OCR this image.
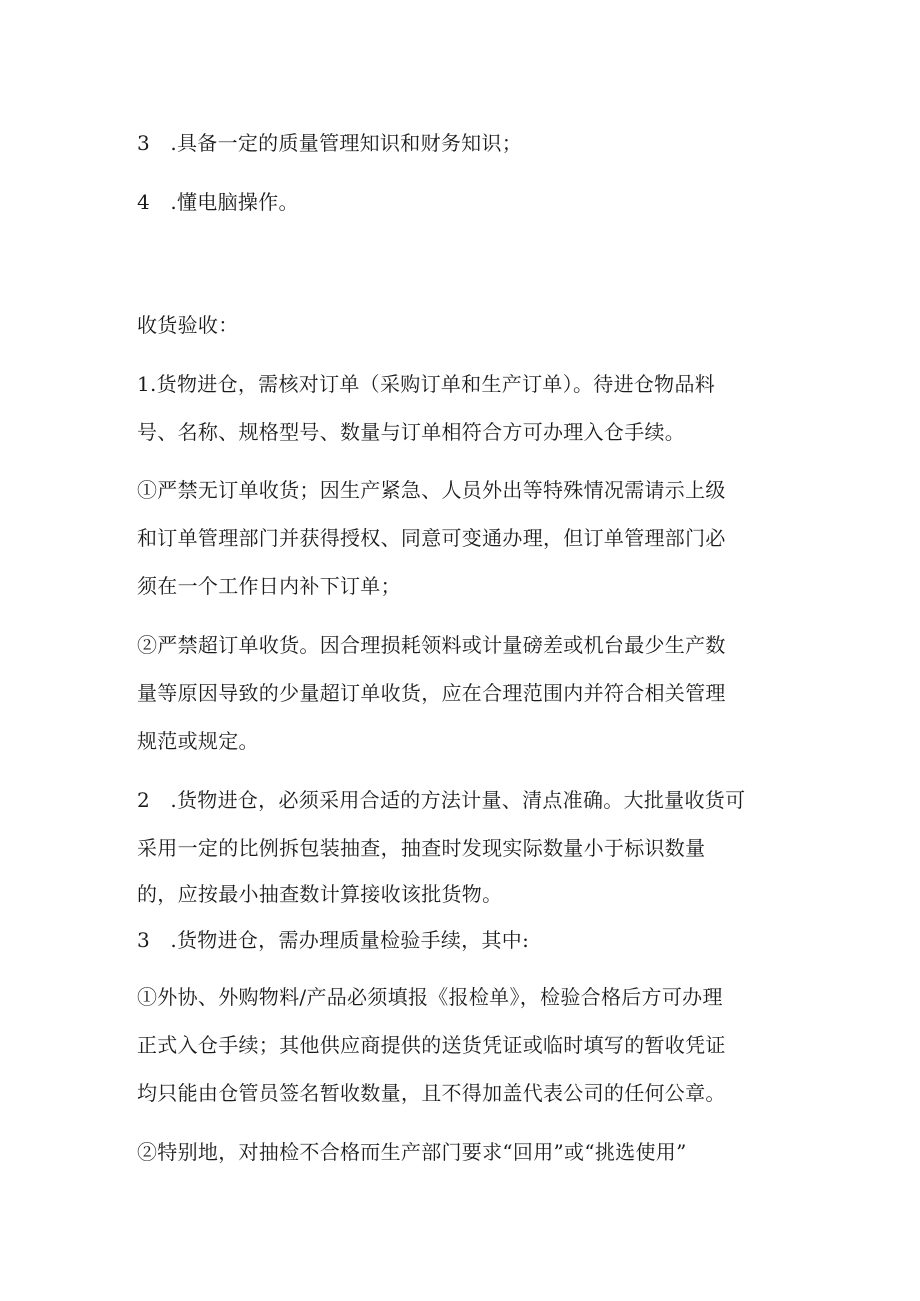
3　.具备一定的质量管理知识和财务知识；
4　.懂电脑操作。
收货验收：
1.货物进仓，需核对订单（采购订单和生产订单）。待进仓物品料
号、名称、规格型号、数量与订单相符合方可办理入仓手续。
①严禁无订单收货；因生产紧急、人员外出等特殊情况需请示上级
和订单管理部门并获得授权、同意可变通办理，但订单管理部门必
须在一个工作日内补下订单；
②严禁超订单收货。因合理损耗领料或计量磅差或机台最少生产数
量等原因导致的少量超订单收货，应在合理范围内并符合相关管理
规范或规定。
2　.货物进仓，必须采用合适的方法计量、清点准确。大批量收货可
采用一定的比例拆包装抽查，抽查时发现实际数量小于标识数量
的，应按最小抽查数计算接收该批货物。
3　.货物进仓，需办理质量检验手续，其中:
①外协、外购物料/产品必须填报《报检单》，检验合格后方可办理
正式入仓手续；其他供应商提供的送货凭证或临时填写的暂收凭证
均只能由仓管员签名暂收数量，且不得加盖代表公司的任何公章。
②特别地，对抽检不合格而生产部门要求“回用”或“挑选使用”
